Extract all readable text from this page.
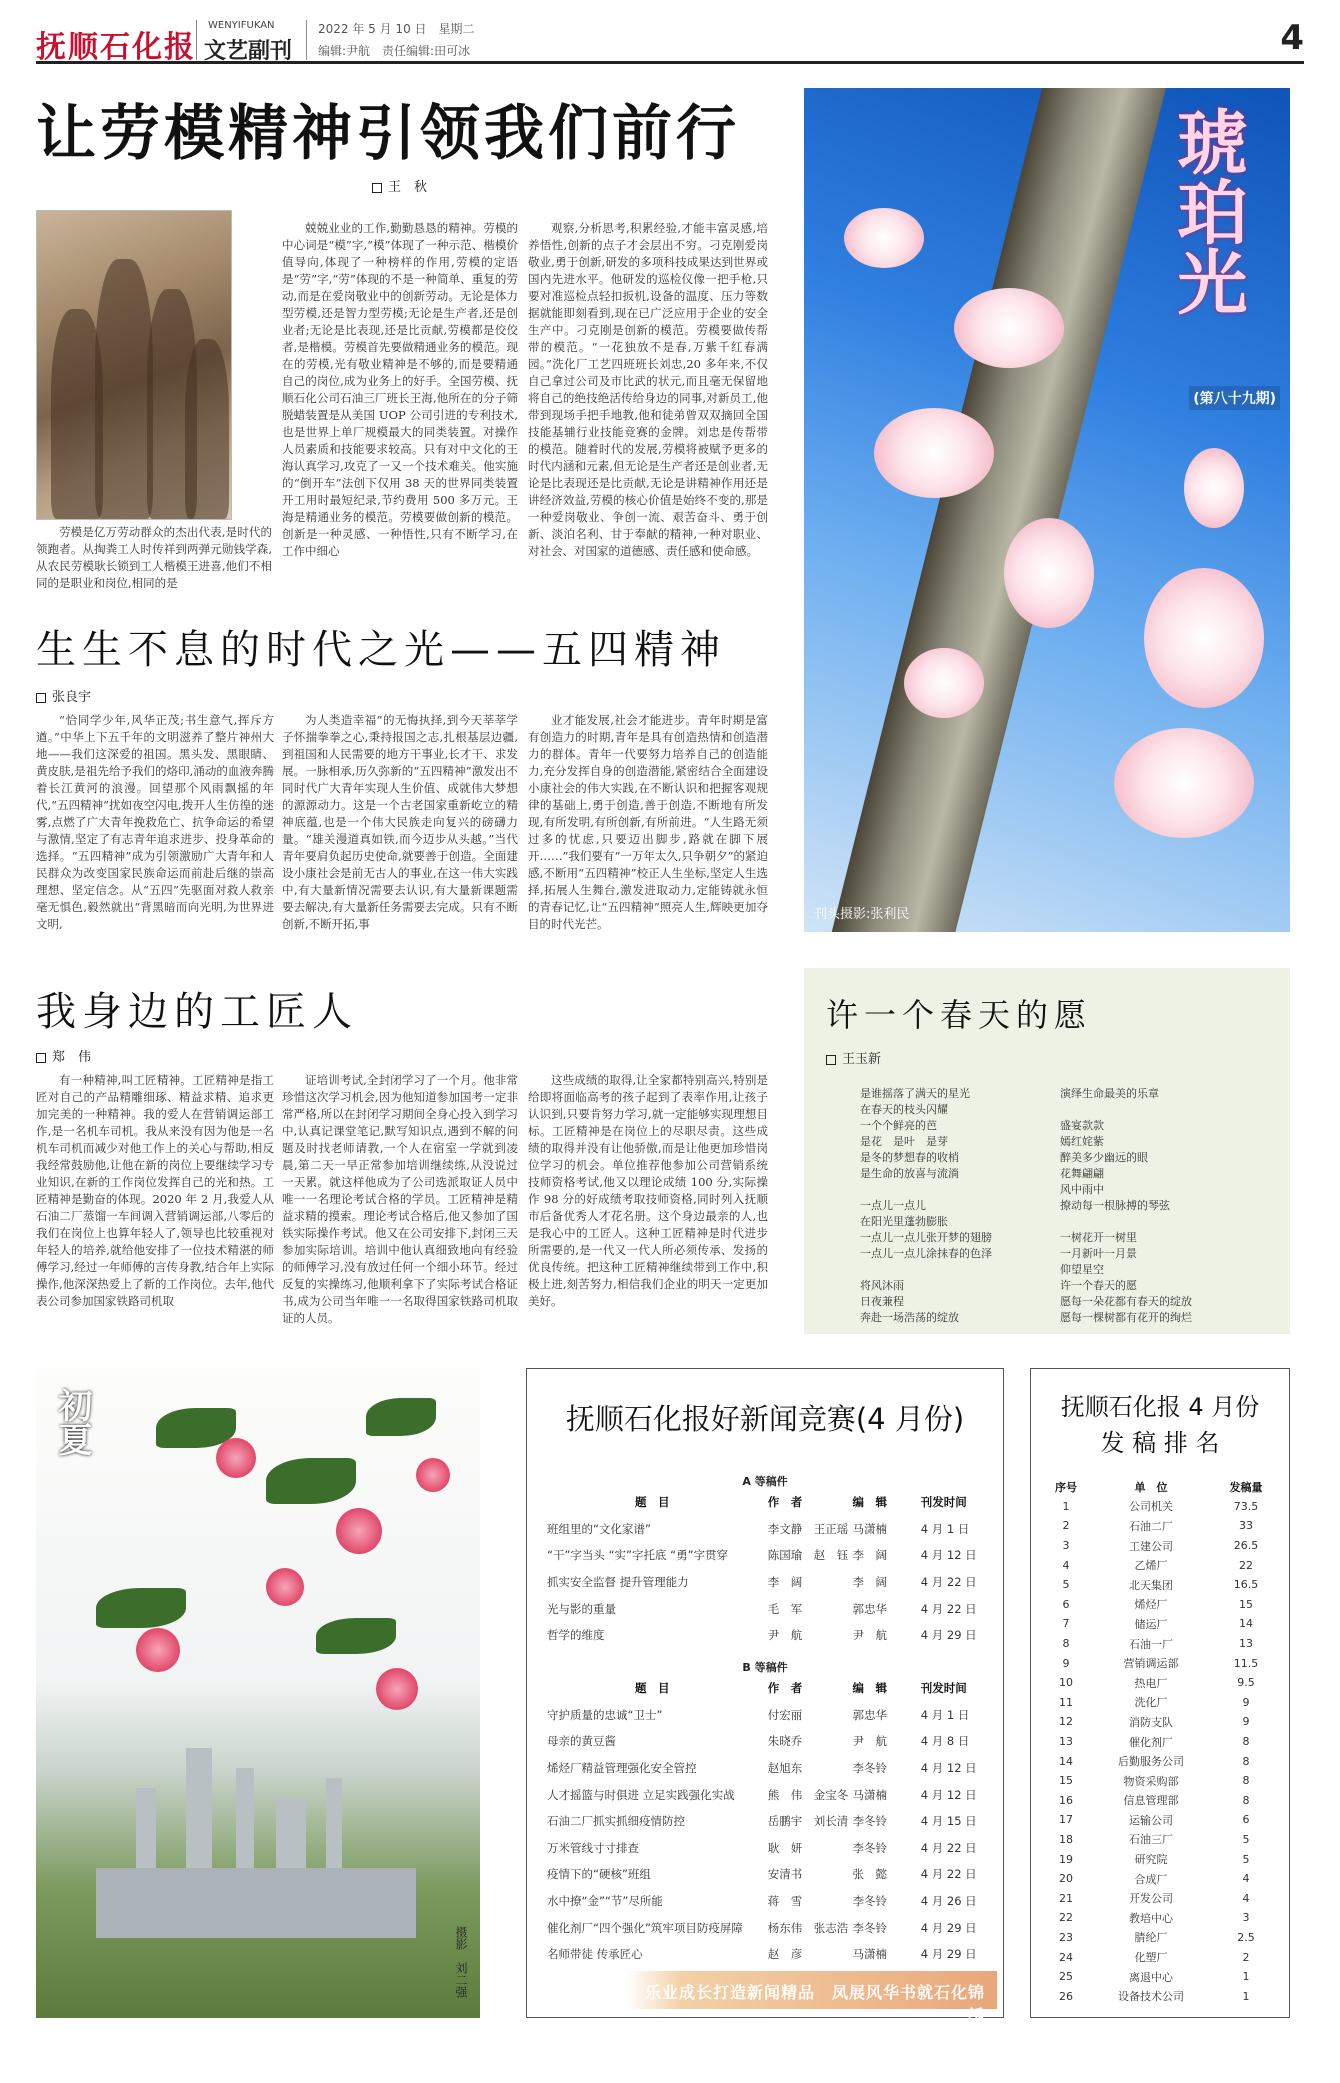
抚顺石化报
WENYIFUKAN
文艺副刊
2022 年 5 月 10 日　星期二
编辑:尹航　责任编辑:田可冰	4
让劳模精神引领我们前行
王　秋

劳模是亿万劳动群众的杰出代表,是时代的领跑者。从掏粪工人时传祥到两弹元勋钱学森,从农民劳模耿长锁到工人楷模王进喜,他们不相同的是职业和岗位,相同的是

兢兢业业的工作,勤勤恳恳的精神。劳模的中心词是“模”字,“模”体现了一种示范、楷模价值导向,体现了一种榜样的作用,劳模的定语是“劳”字,“劳”体现的不是一种简单、重复的劳动,而是在爱岗敬业中的创新劳动。无论是体力型劳模,还是智力型劳模;无论是生产者,还是创业者;无论是比表现,还是比贡献,劳模都是佼佼者,是楷模。劳模首先要做精通业务的模范。现在的劳模,光有敬业精神是不够的,而是要精通自己的岗位,成为业务上的好手。全国劳模、抚顺石化公司石油三厂班长王海,他所在的分子筛脱蜡装置是从美国 UOP 公司引进的专利技术,也是世界上单厂规模最大的同类装置。对操作人员素质和技能要求较高。只有对中文化的王海认真学习,攻克了一又一个技术难关。他实施的“倒开车”法创下仅用 38 天的世界同类装置开工用时最短纪录,节约费用 500 多万元。王海是精通业务的模范。劳模要做创新的模范。创新是一种灵感、一种悟性,只有不断学习,在工作中细心

观察,分析思考,积累经验,才能丰富灵感,培养悟性,创新的点子才会层出不穷。刁克刚爱岗敬业,勇于创新,研发的多项科技成果达到世界或国内先进水平。他研发的巡检仪像一把手枪,只要对准巡检点轻扣扳机,设备的温度、压力等数据就能即刻看到,现在已广泛应用于企业的安全生产中。刁克刚是创新的模范。劳模要做传帮带的模范。“一花独放不是春,万紫千红春满园。”洗化厂工艺四班班长刘忠,20 多年来,不仅自己拿过公司及市比武的状元,而且毫无保留地将自己的绝技绝活传给身边的同事,对新员工,他带到现场手把手地教,他和徒弟曾双双摘回全国技能基辅行业技能竞赛的金牌。刘忠是传帮带的模范。随着时代的发展,劳模将被赋予更多的时代内涵和元素,但无论是生产者还是创业者,无论是比表现还是比贡献,无论是讲精神作用还是讲经济效益,劳模的核心价值是始终不变的,那是一种爱岗敬业、争创一流、艰苦奋斗、勇于创新、淡泊名利、甘于奉献的精神,一种对职业、对社会、对国家的道德感、责任感和使命感。

琥珀光
(第八十九期)
刊头摄影:张利民
生生不息的时代之光——五四精神
张良宇

“恰同学少年,风华正茂;书生意气,挥斥方遒。”中华上下五千年的文明滋养了整片神州大地——我们这深爱的祖国。黑头发、黑眼睛、黄皮肤,是祖先给予我们的烙印,涌动的血液奔腾着长江黄河的浪漫。回望那个风雨飘摇的年代,“五四精神”扰如夜空闪电,拨开人生仿徨的迷雾,点燃了广大青年挽救危亡、抗争命运的希望与激情,坚定了有志青年追求进步、投身革命的选择。“五四精神”成为引领激励广大青年和人民群众为改变国家民族命运而前赴后继的崇高理想、坚定信念。从“五四”先驱面对救人救亲毫无惧色,毅然就出“背黑暗而向光明,为世界进文明,

为人类造幸福”的无悔执择,到今天莘莘学子怀揣拳拳之心,秉持报国之志,扎根基层边疆,到祖国和人民需要的地方干事业,长才干、求发展。一脉相承,历久弥新的“五四精神”激发出不同时代广大青年实现人生价值、成就伟大梦想的源源动力。这是一个古老国家重新屹立的精神底蕴,也是一个伟大民族走向复兴的磅礴力量。“雄关漫道真如铁,而今迈步从头越。”当代青年要肩负起历史使命,就要善于创造。全面建设小康社会是前无古人的事业,在这一伟大实践中,有大量新情况需要去认识,有大量新课题需要去解决,有大量新任务需要去完成。只有不断创新,不断开拓,事

业才能发展,社会才能进步。青年时期是富有创造力的时期,青年是具有创造热情和创造潜力的群体。青年一代要努力培养自己的创造能力,充分发挥自身的创造潜能,紧密结合全面建设小康社会的伟大实践,在不断认识和把握客观规律的基础上,勇于创造,善于创造,不断地有所发现,有所发明,有所创新,有所前进。“人生路无须过多的忧虑,只要迈出脚步,路就在脚下展开……”我们要有“一万年太久,只争朝夕”的紧迫感,不断用“五四精神”校正人生坐标,坚定人生选择,拓展人生舞台,激发进取动力,定能铸就永恒的青春记忆,让“五四精神”照亮人生,辉映更加夺目的时代光芒。

我身边的工匠人
郑　伟

有一种精神,叫工匠精神。工匠精神是指工匠对自己的产品精雕细琢、精益求精、追求更加完美的一种精神。我的爱人在营销调运部工作,是一名机车司机。我从来没有因为他是一名机车司机而减少对他工作上的关心与帮助,相反我经常鼓励他,让他在新的岗位上要继续学习专业知识,在新的工作岗位发挥自己的光和热。工匠精神是勤奋的体现。2020 年 2 月,我爱人从石油二厂蒸馏一车间调入营销调运部,八零后的我们在岗位上也算年轻人了,领导也比较重视对年轻人的培养,就给他安排了一位技术精湛的师傅学习,经过一年师傅的言传身教,结合年上实际操作,他深深热爱上了新的工作岗位。去年,他代表公司参加国家铁路司机取

证培训考试,全封闭学习了一个月。他非常珍惜这次学习机会,因为他知道参加国考一定非常严格,所以在封闭学习期间全身心投入到学习中,认真记课堂笔记,默写知识点,遇到不解的问题及时找老师请教,一个人在宿室一学就到凌晨,第二天一早正常参加培训继续练,从没说过一天累。就这样他成为了公司选派取证人员中唯一一名理论考试合格的学员。工匠精神是精益求精的摸索。理论考试合格后,他又参加了国铁实际操作考试。他又在公司安排下,封闭三天参加实际培训。培训中他认真细致地向有经验的师傅学习,没有放过任何一个细小环节。经过反复的实操练习,他顺利拿下了实际考试合格证书,成为公司当年唯一一名取得国家铁路司机取证的人员。

这些成绩的取得,让全家都特别高兴,特别是给即将面临高考的孩子起到了表率作用,让孩子认识到,只要肯努力学习,就一定能够实现理想目标。工匠精神是在岗位上的尽职尽责。这些成绩的取得并没有让他骄傲,而是让他更加珍惜岗位学习的机会。单位推荐他参加公司营销系统技师资格考试,他又以理论成绩 100 分,实际操作 98 分的好成绩考取技师资格,同时列入抚顺市后备优秀人才花名册。这个身边最亲的人,也是我心中的工匠人。这种工匠精神是时代进步所需要的,是一代又一代人所必须传承、发扬的优良传统。把这种工匠精神继续带到工作中,积极上进,刻苦努力,相信我们企业的明天一定更加美好。

许一个春天的愿
王玉新
是谁摇落了满天的星光
在春天的枝头闪耀
一个个鲜亮的芭
是花　是叶　是芽
是冬的梦想春的收梢
是生命的放喜与流淌

一点儿一点儿
在阳光里蓬勃膨胀
一点儿一点儿张开梦的翅膀
一点儿一点儿涂抹春的色泽

将风沐雨
日夜兼程
奔赴一场浩荡的绽放
演绎生命最美的乐章

盛宴款款
嫣红姹紫
醉美多少幽远的眼
花舞翩翩
风中雨中
撩动每一根脉搏的琴弦

一树花开一树里
一月新叶一月景
仰望星空
许一个春天的愿
愿每一朵花都有春天的绽放
愿每一棵树都有花开的绚烂
初夏
摄影　刘二强
抚顺石化报好新闻竞赛(4 月份)
A 等稿件
题　目	作　者	编　辑	刊发时间
班组里的“文化家谱”	李文静　王正瑶	马潇楠	4 月 1 日
“干”字当头 “实”字托底 “勇”字贯穿	陈国瑜　赵　钰	李　阔	4 月 12 日
抓实安全监督 提升管理能力	李　阔	李　阔	4 月 22 日
光与影的重量	毛　军	郭忠华	4 月 22 日
哲学的维度	尹　航	尹　航	4 月 29 日
B 等稿件
题　目	作　者	编　辑	刊发时间
守护质量的忠诚“卫士”	付宏丽	郭忠华	4 月 1 日
母亲的黄豆酱	朱晓乔	尹　航	4 月 8 日
烯烃厂精益管理强化安全管控	赵旭东	李冬铃	4 月 12 日
人才摇篮与时俱进 立足实践强化实战	熊　伟　金宝冬	马潇楠	4 月 12 日
石油二厂抓实抓细疫情防控	岳鹏宇　刘长清	李冬铃	4 月 15 日
万米管线寸寸排查	耿　妍	李冬铃	4 月 22 日
疫情下的“硬核”班组	安清书	张　懿	4 月 22 日
水中撩“金”“节”尽所能	蒋　雪	李冬铃	4 月 26 日
催化剂厂“四个强化”筑牢项目防疫屏障	杨东伟　张志浩	李冬铃	4 月 29 日
名师带徒 传承匠心	赵　彦	马潇楠	4 月 29 日
乐业成长打造新闻精品　凤展风华书就石化锦绣
抚顺石化报 4 月份
发 稿 排 名
序号	单　位	发稿量
1	公司机关	73.5
2	石油二厂	33
3	工建公司	26.5
4	乙烯厂	22
5	北天集团	16.5
6	烯烃厂	15
7	储运厂	14
8	石油一厂	13
9	营销调运部	11.5
10	热电厂	9.5
11	洗化厂	9
12	消防支队	9
13	催化剂厂	8
14	后勤服务公司	8
15	物资采购部	8
16	信息管理部	8
17	运输公司	6
18	石油三厂	5
19	研究院	5
20	合成厂	4
21	开发公司	4
22	教培中心	3
23	腈纶厂	2.5
24	化塑厂	2
25	离退中心	1
26	设备技术公司	1
